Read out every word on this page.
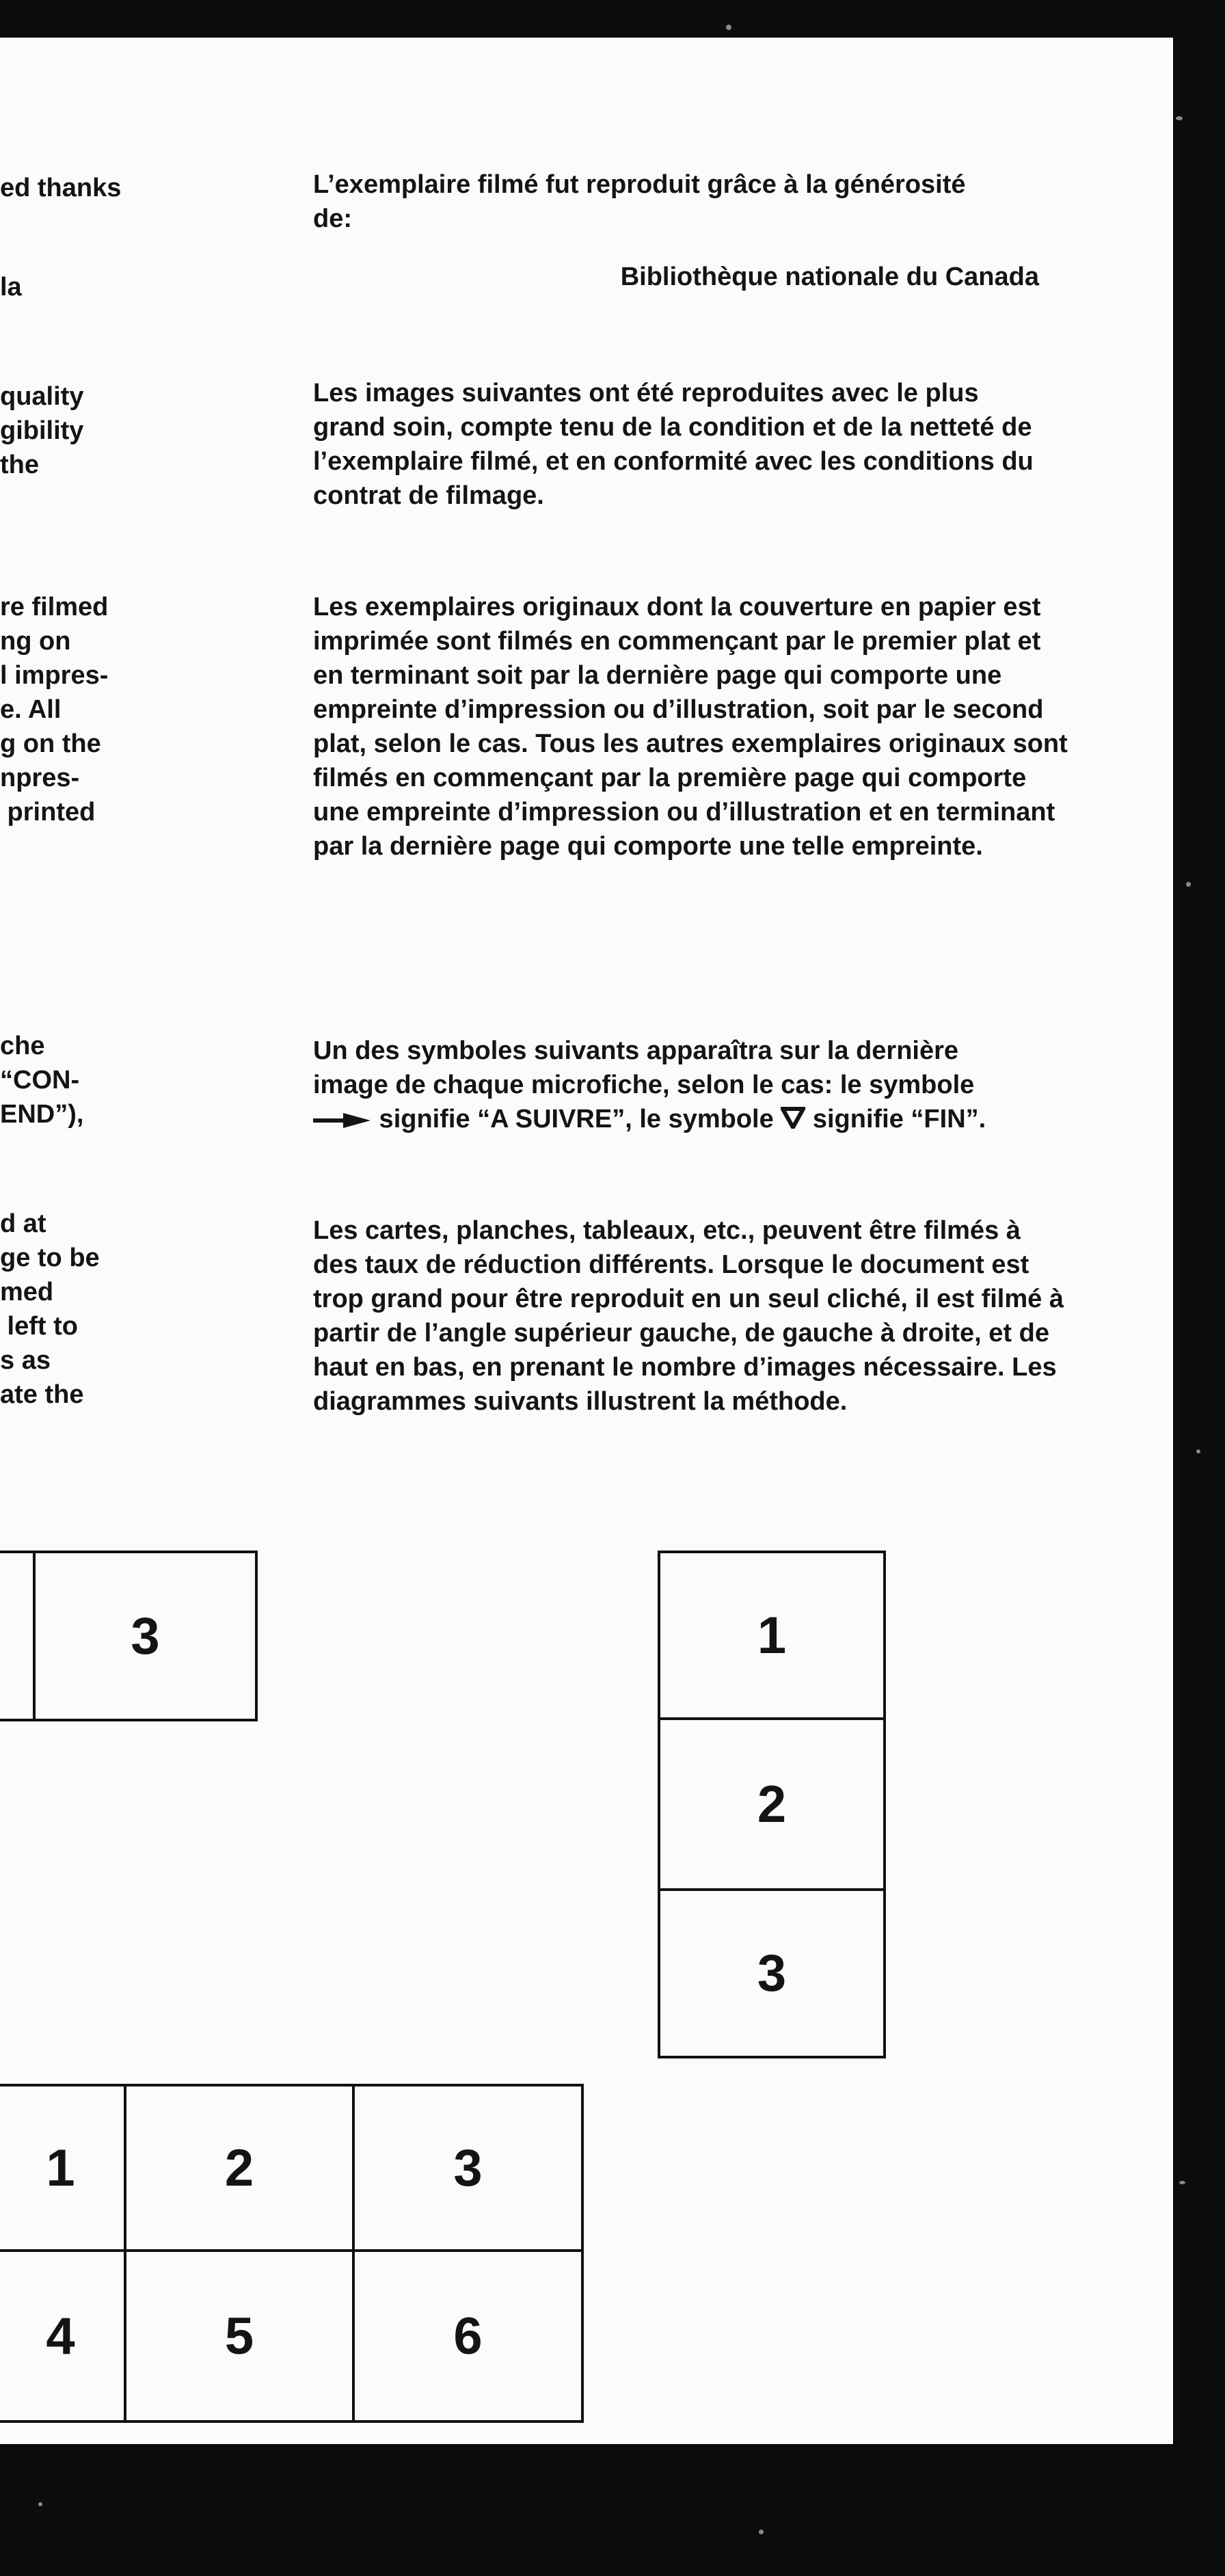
ed thanks

la

quality
gibility
the

re filmed
ng on
l impres-
e. All
g on the
npres-
printed

che
“CON-
END”),

d at
ge to be
med
left to
s as
ate the

L’exemplaire filmé fut reproduit grâce à la générosité de:

Bibliothèque nationale du Canada

Les images suivantes ont été reproduites avec le plus grand soin, compte tenu de la condition et de la netteté de l’exemplaire filmé, et en conformité avec les conditions du contrat de filmage.

Les exemplaires originaux dont la couverture en papier est imprimée sont filmés en commençant par le premier plat et en terminant soit par la dernière page qui comporte une empreinte d’impression ou d’illustration, soit par le second plat, selon le cas. Tous les autres exemplaires originaux sont filmés en commençant par la première page qui comporte une empreinte d’impression ou d’illustration et en terminant par la dernière page qui comporte une telle empreinte.

Un des symboles suivants apparaîtra sur la dernière image de chaque microfiche, selon le cas: le symbole  signifie “A SUIVRE”, le symbole  signifie “FIN”.

Les cartes, planches, tableaux, etc., peuvent être filmés à des taux de réduction différents. Lorsque le document est trop grand pour être reproduit en un seul cliché, il est filmé à partir de l’angle supérieur gauche, de gauche à droite, et de haut en bas, en prenant le nombre d’images nécessaire. Les diagrammes suivants illustrent la méthode.

3	1
2
3
1	2	3
4	5	6
